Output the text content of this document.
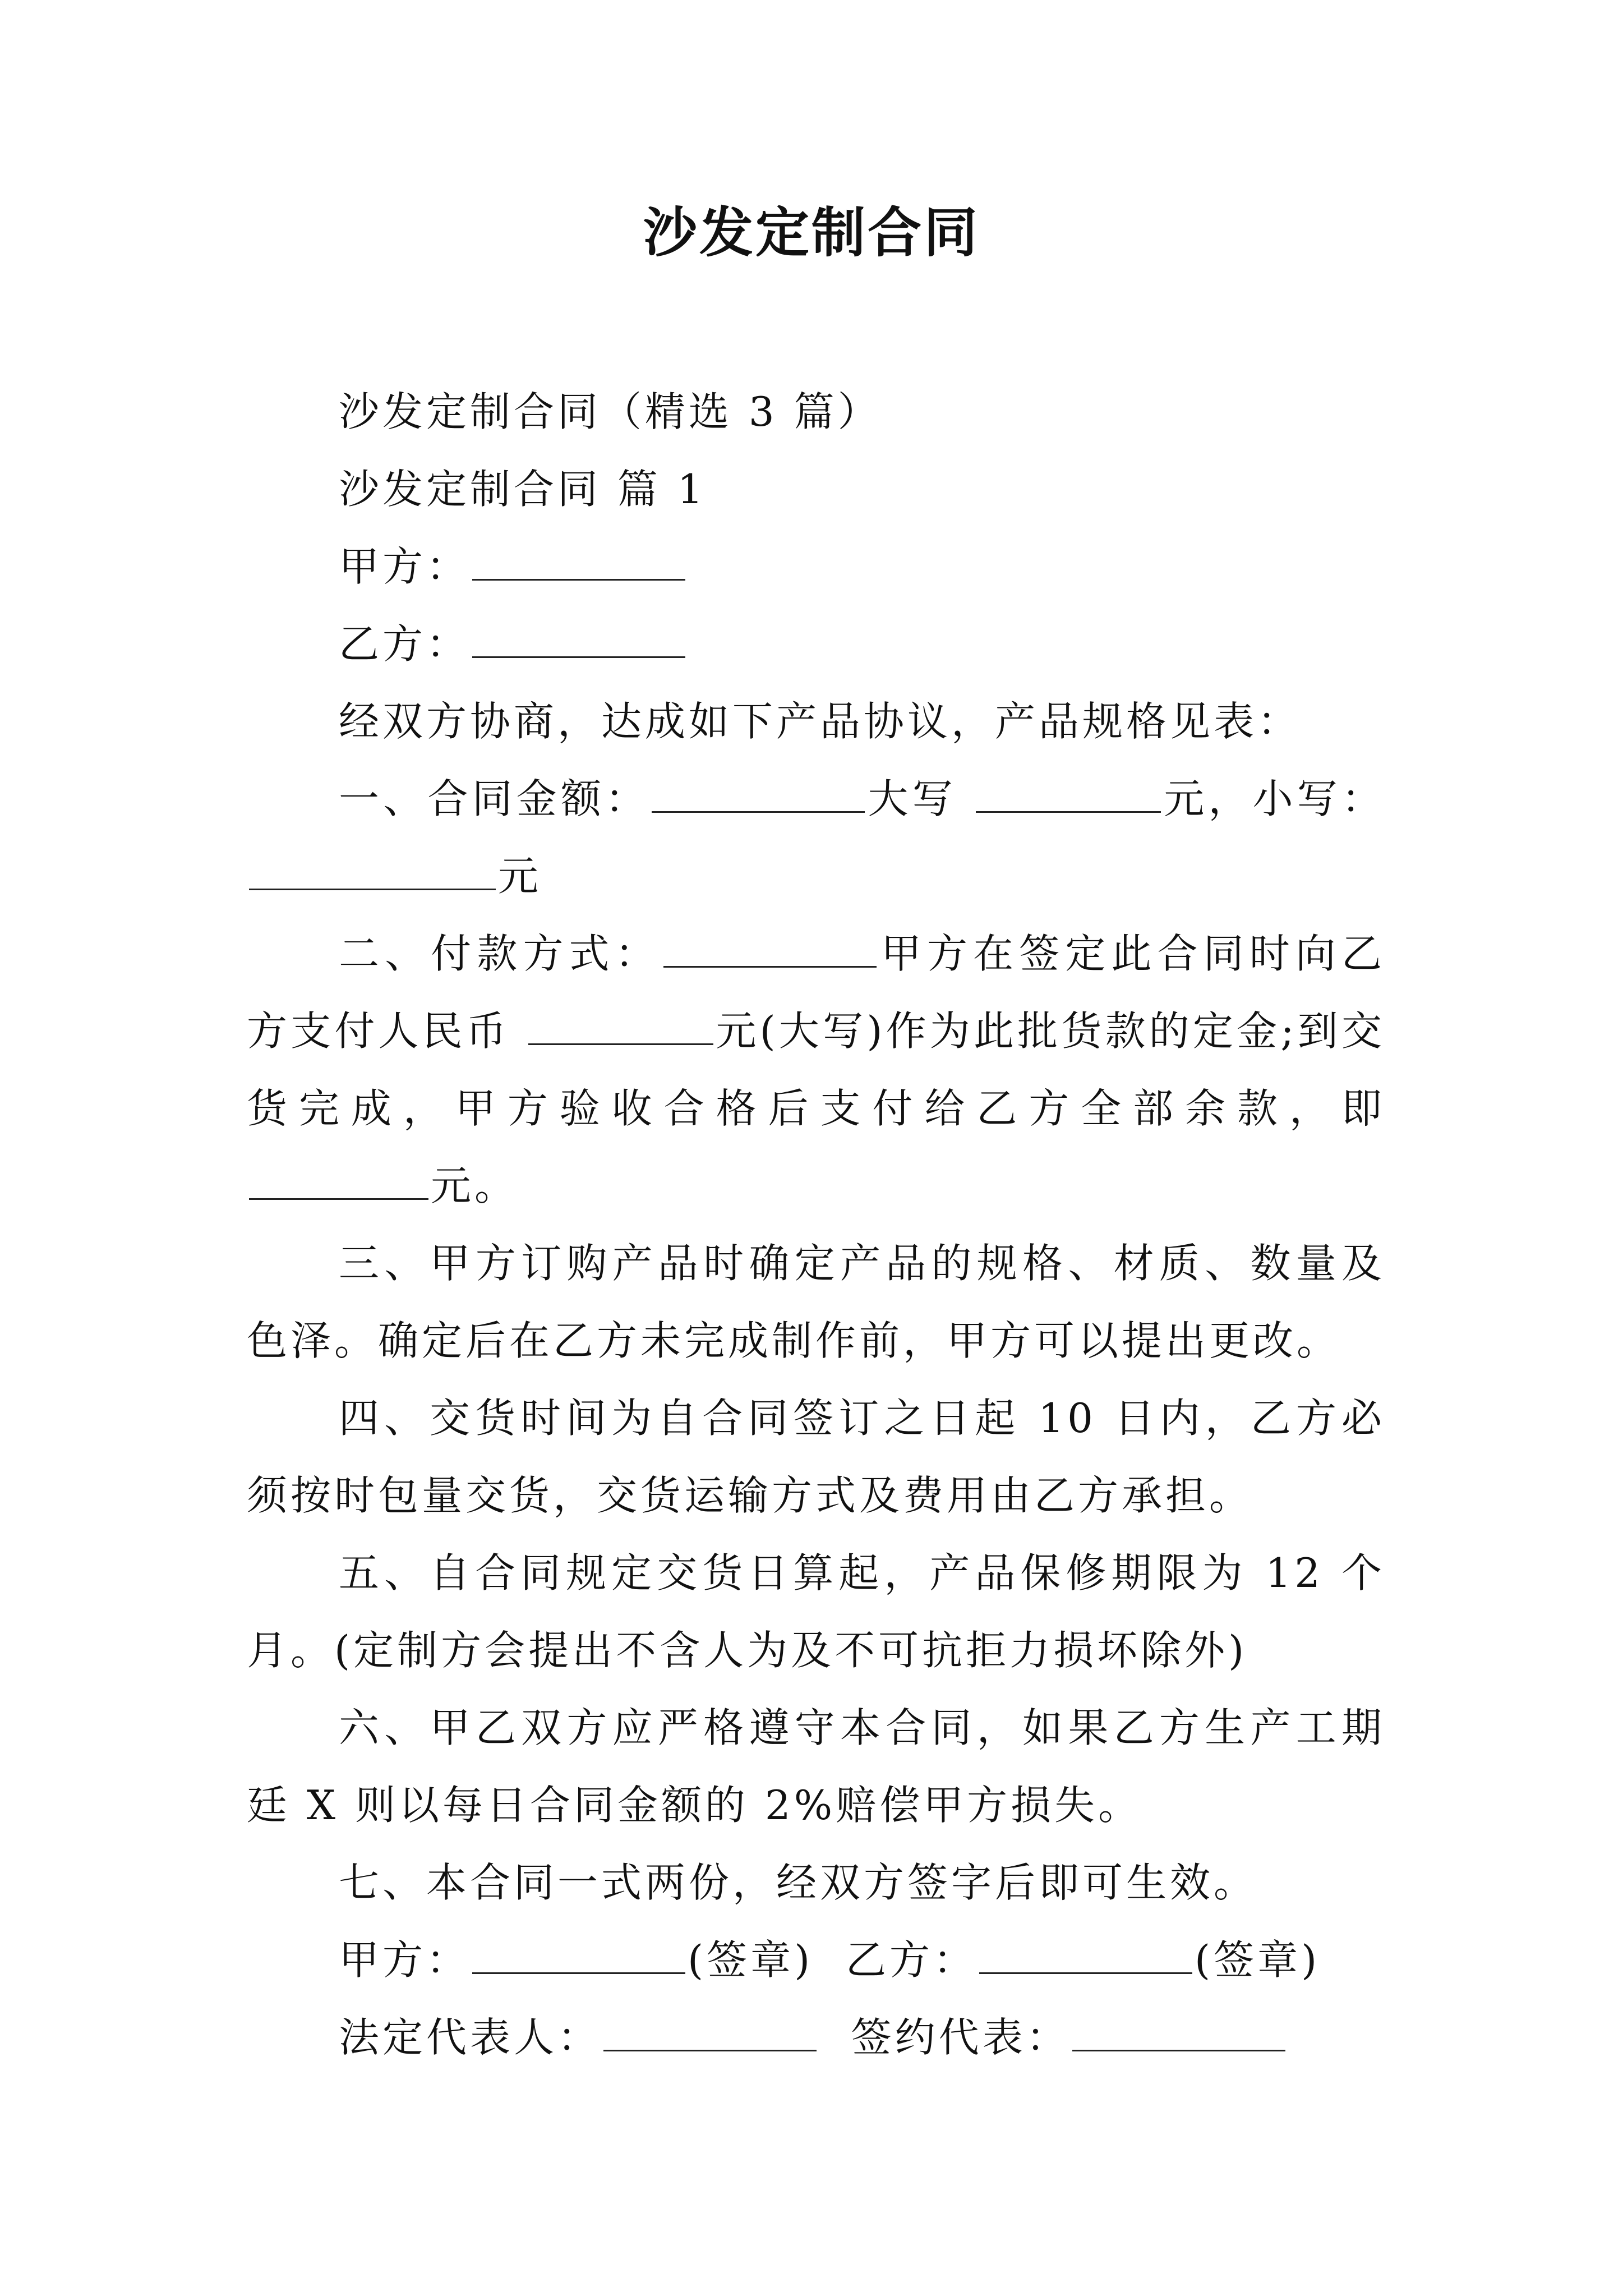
沙发定制合同

沙发定制合同（精选 3 篇）

沙发定制合同 篇 1

甲方：

乙方：

经双方协商，达成如下产品协议，产品规格见表：

一、合同金额：	大写	元，小写：元

二、付款方式：	甲方在签定此合同时向乙方支付人民币	元(大写)作为此批货款的定金;到交货完成，甲方验收合格后支付给乙方全部余款，即 元。

三、甲方订购产品时确定产品的规格、材质、数量及色泽。确定后在乙方未完成制作前，甲方可以提出更改。

四、交货时间为自合同签订之日起 10 日内，乙方必须按时包量交货，交货运输方式及费用由乙方承担。

五、自合同规定交货日算起，产品保修期限为 12 个月。(定制方会提出不含人为及不可抗拒力损坏除外)

六、甲乙双方应严格遵守本合同，如果乙方生产工期廷 X 则以每日合同金额的 2%赔偿甲方损失。

七、本合同一式两份，经双方签字后即可生效。

甲方：	(签章) 乙方：	(签章)

法定代表人：	签约代表：
